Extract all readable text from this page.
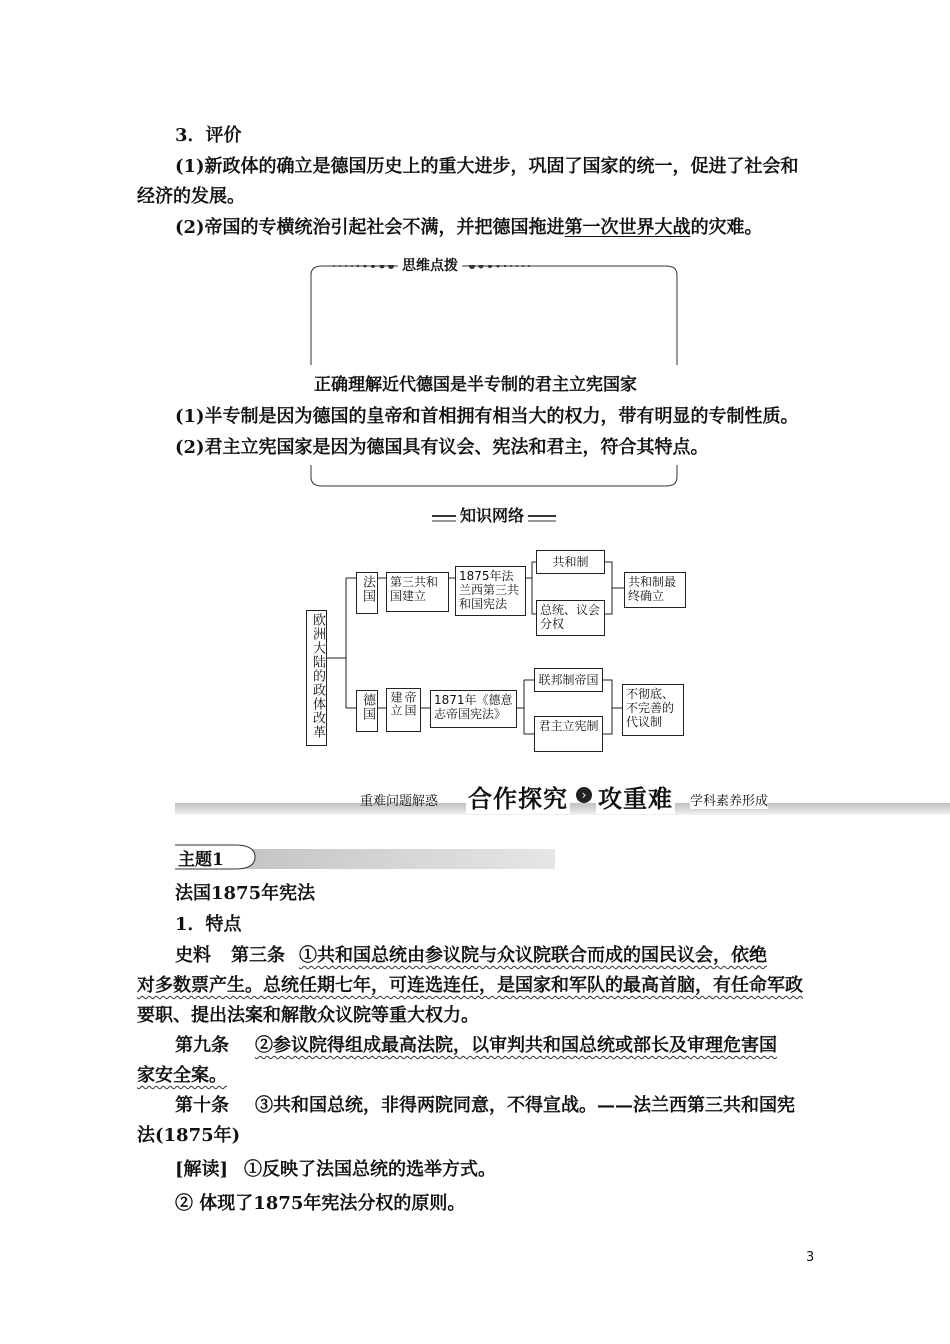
3．评价
(1)新政体的确立是德国历史上的重大进步，巩固了国家的统一，促进了社会和
经济的发展。
(2)帝国的专横统治引起社会不满，并把德国拖进第一次世界大战的灾难。
思维点拨
正确理解近代德国是半专制的君主立宪国家
(1)半专制是因为德国的皇帝和首相拥有相当大的权力，带有明显的专制性质。
(2)君主立宪国家是因为德国具有议会、宪法和君主，符合其特点。
知识网络
欧洲大陆的政体改革
法国	第三共和国建立
1875年法兰西第三共和国宪法
共和制
总统、议会分权
共和制最终确立
德国	帝国建立	1871年《德意志帝国宪法》
联邦制帝国
君主立宪制
不彻底、不完善的代议制
重难问题解惑 合作探究	› 攻重难 学科素养形成
主题1
法国1875年宪法
1．特点
史料 第三条 ①共和国总统由参议院与众议院联合而成的国民议会，依绝
对多数票产生。总统任期七年，可连选连任，是国家和军队的最高首脑，有任命军政
要职、提出法案和解散众议院等重大权力。
第九条 ②参议院得组成最高法院，以审判共和国总统或部长及审理危害国
家安全案。
第十条 ③共和国总统，非得两院同意，不得宣战。——法兰西第三共和国宪
法(1875年)
[解读] ①反映了法国总统的选举方式。
② 体现了1875年宪法分权的原则。
3
